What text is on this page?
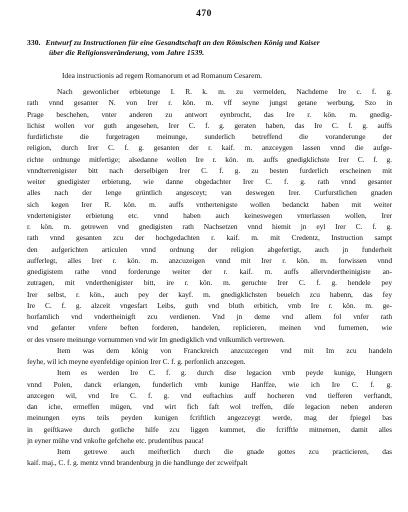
470
330. Entwurf zu Instructionen für eine Gesandtschaft an den Römischen König und Kaiser
über die Religionsveränderung, vom Jahre 1539.
Idea instructionis ad regem Romanorum et ad Romanum Cesarem.

Nach gewonlicher erbietunge I. R. k. m. zu vermelden, Nachdeme Ire c. f. g.
rath vnnd gesanter N. von Irer r. kön. m. vff seyne jungst getane werbung, Szo in
Prage beschehen, vnter anderen zu antwort eynbrocht, das Ire r. kön. m. gnedig-
lichist wollen vor guth angesehen, Irer C. f. g. geraten haben, das Ire C. f. g. auffs
furdirlichste die furgetragen meinunge, sunderlich betreffend die voranderunge der
religion, durch Irer C. f. g. gesanten der r. kaif. m. anzceygen lassen vnnd die aufge-
richte ordnunge mitfertige; alsedanne wollen Ire r. kön. m. auffs gnedigklichste Irer C. f. g.
vnndterrenigister bitt nach derselbigen Irer C. f. g. zu besten furderlich erscheinen mit
weiter gnedigister erbietung, wie danne obgedachter Irer C. f. g. rath vnnd gesanter
alles nach der lenge grüntlich angesceyt; van deswegen Irer. Curfurstlichen gnaden
sich kegen Irer R. kön. m. auffs vnthertenigste wollen bedanckt haben mit weiter
vndertenigister erbietung etc. vnnd haben auch keineswegen vnterlassen wollen, Irer
r. kön. m. getrewen vnd gnedigisten rath Nachsetzen vnnd hiemit jn eyl Irer C. f. g.
rath vnnd gesanten zcu der hochgedachten r. kaif. m. mit Credentz, Instruction sampt
den aufgerichten articulen vnnd ordnung der religion abgefertigt, auch jn funderheit
aufferlegt, alles Irer r. kön. m. anzcuzeigen vnnd mit Irer r. kön. m. forwissen vnnd
gnedigistem rathe vnnd forderunge weiter der r. kaif. m. auffs allervndertheinigiste an-
zutragen, mit vnderthenigister bitt, ire r. kön. m. geruchte Irer C. f. g. hendele pey
Irer selbst, r. kön., auch pey der kayf. m. gnedigklichsten beuelch zcu habenn, das fey
Ire C. f. g. alzceit vngesfart Leibs, guth vnd bluth erbitich, vmb Ire r. kön. m. ge-
horfamlich vnd vndertheinigft zcu verdienen. Vnd jn deme vnd allem fol vnfer rath
vnd gefanter vnfere beften forderen, handelen, replicieren, meinen vnd furnemen, wie
er des vnsere meinunge vornummen vnd wir Im gnedigklich vnd vnlkumlich vertrewen.

Item was dem könig von Franckreich anzcuzcegen vnd mit Im zcu handeln
feyhe, wil ich meyne eyenfeldige opinion Irer C. f. g. perfonlich anzcegen.

Item es werden Ire C. f. g. durch dise legacion vmb peyde kunige, Hungern
vnnd Polen, danck erlangen, funderlich vmb kunige Hanffze, wie ich Ire C. f. g.
anzcegen wil, vnd Ire C. f. g. vnd euftachius auff hocheren vnd tiefferen verftandt,
dan iche, ermeffen mügen, vnd wirt fich faft wol treffen, diſe legacion neben anderen
meinungen eyns teils peyden kunigen fcriftlich angezceygt werde, mag der fpiegel bas
in geiftkawe durch gotliche hilfe zcu liggen kummet, die fcrifftle mitnemen, damit alles
jn eyner mühe vnd vnkofte gefchehe etc. prudentibus pauca!

Item getrewe auch meifterlich durch die gnade gottes zcu practicieren, das
kaif. maj., C. f. g. mentz vnnd brandenburg jn die handlunge der zcweifpalt
